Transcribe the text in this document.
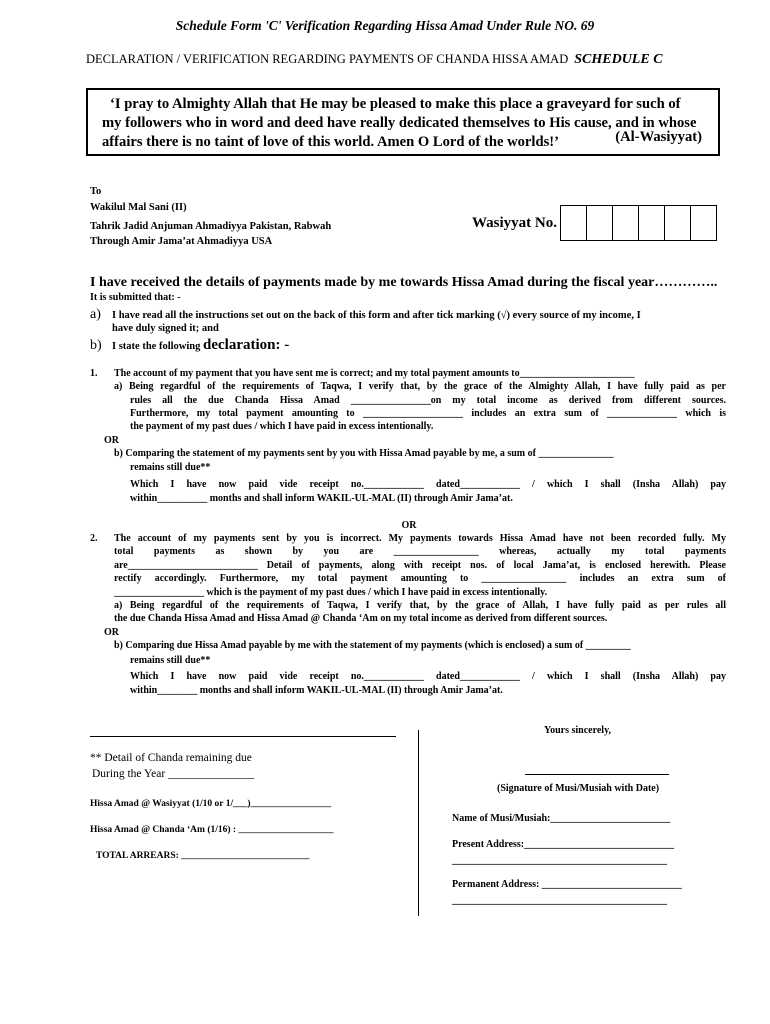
Schedule Form 'C' Verification Regarding Hissa Amad Under Rule NO. 69
DECLARATION / VERIFICATION REGARDING PAYMENTS OF CHANDA HISSA AMAD SCHEDULE C
‘I pray to Almighty Allah that He may be pleased to make this place a graveyard for such of
my followers who in word and deed have really dedicated themselves to His cause, and in whose
affairs there is no taint of love of this world. Amen O Lord of the worlds!’	(Al-Wasiyyat)
To
Wakilul Mal Sani (II)
Tahrik Jadid Anjuman Ahmadiyya Pakistan, Rabwah
Through Amir Jama’at Ahmadiyya USA
Wasiyyat No.
I have received the details of payments made by me towards Hissa Amad during the fiscal year…………..
It is submitted that: -
a) I have read all the instructions set out on the back of this form and after tick marking (√) every source of my income, I
have duly signed it; and
b) I state the following declaration: -
1. The account of my payment that you have sent me is correct; and my total payment amounts to_______________________
a) Being regardful of the requirements of Taqwa, I verify that, by the grace of the Almighty Allah, I have fully paid as per
rules all the due Chanda Hissa Amad ________________on my total income as derived from different sources.
Furthermore, my total payment amounting to ____________________ includes an extra sum of ______________ which is
the payment of my past dues / which I have paid in excess intentionally.
OR
b) Comparing the statement of my payments sent by you with Hissa Amad payable by me, a sum of _______________
remains still due**
Which I have now paid vide receipt no.____________ dated____________ / which I shall (Insha Allah) pay
within__________ months and shall inform WAKIL-UL-MAL (II) through Amir Jama’at.
OR
2. The account of my payments sent by you is incorrect. My payments towards Hissa Amad have not been recorded fully. My
total payments as shown by you are _________________ whereas, actually my total payments
are__________________________ Detail of payments, along with receipt nos. of local Jama’at, is enclosed herewith. Please
rectify accordingly. Furthermore, my total payment amounting to _________________ includes an extra sum of
__________________ which is the payment of my past dues / which I have paid in excess intentionally.
a) Being regardful of the requirements of Taqwa, I verify that, by the grace of Allah, I have fully paid as per rules all
the due Chanda Hissa Amad and Hissa Amad @ Chanda ‘Am on my total income as derived from different sources.
OR
b) Comparing due Hissa Amad payable by me with the statement of my payments (which is enclosed) a sum of _________
remains still due**
Which I have now paid vide receipt no.____________ dated____________ / which I shall (Insha Allah) pay
within________ months and shall inform WAKIL-UL-MAL (II) through Amir Jama’at.
** Detail of Chanda remaining due
During the Year _______________
Hissa Amad @ Wasiyyat (1/10 or 1/___)_________________
Hissa Amad @ Chanda ‘Am (1/16) : ____________________
TOTAL ARREARS: ___________________________
Yours sincerely,
(Signature of Musi/Musiah with Date)
Name of Musi/Musiah:________________________
Present Address:______________________________
___________________________________________
Permanent Address: ____________________________
___________________________________________
